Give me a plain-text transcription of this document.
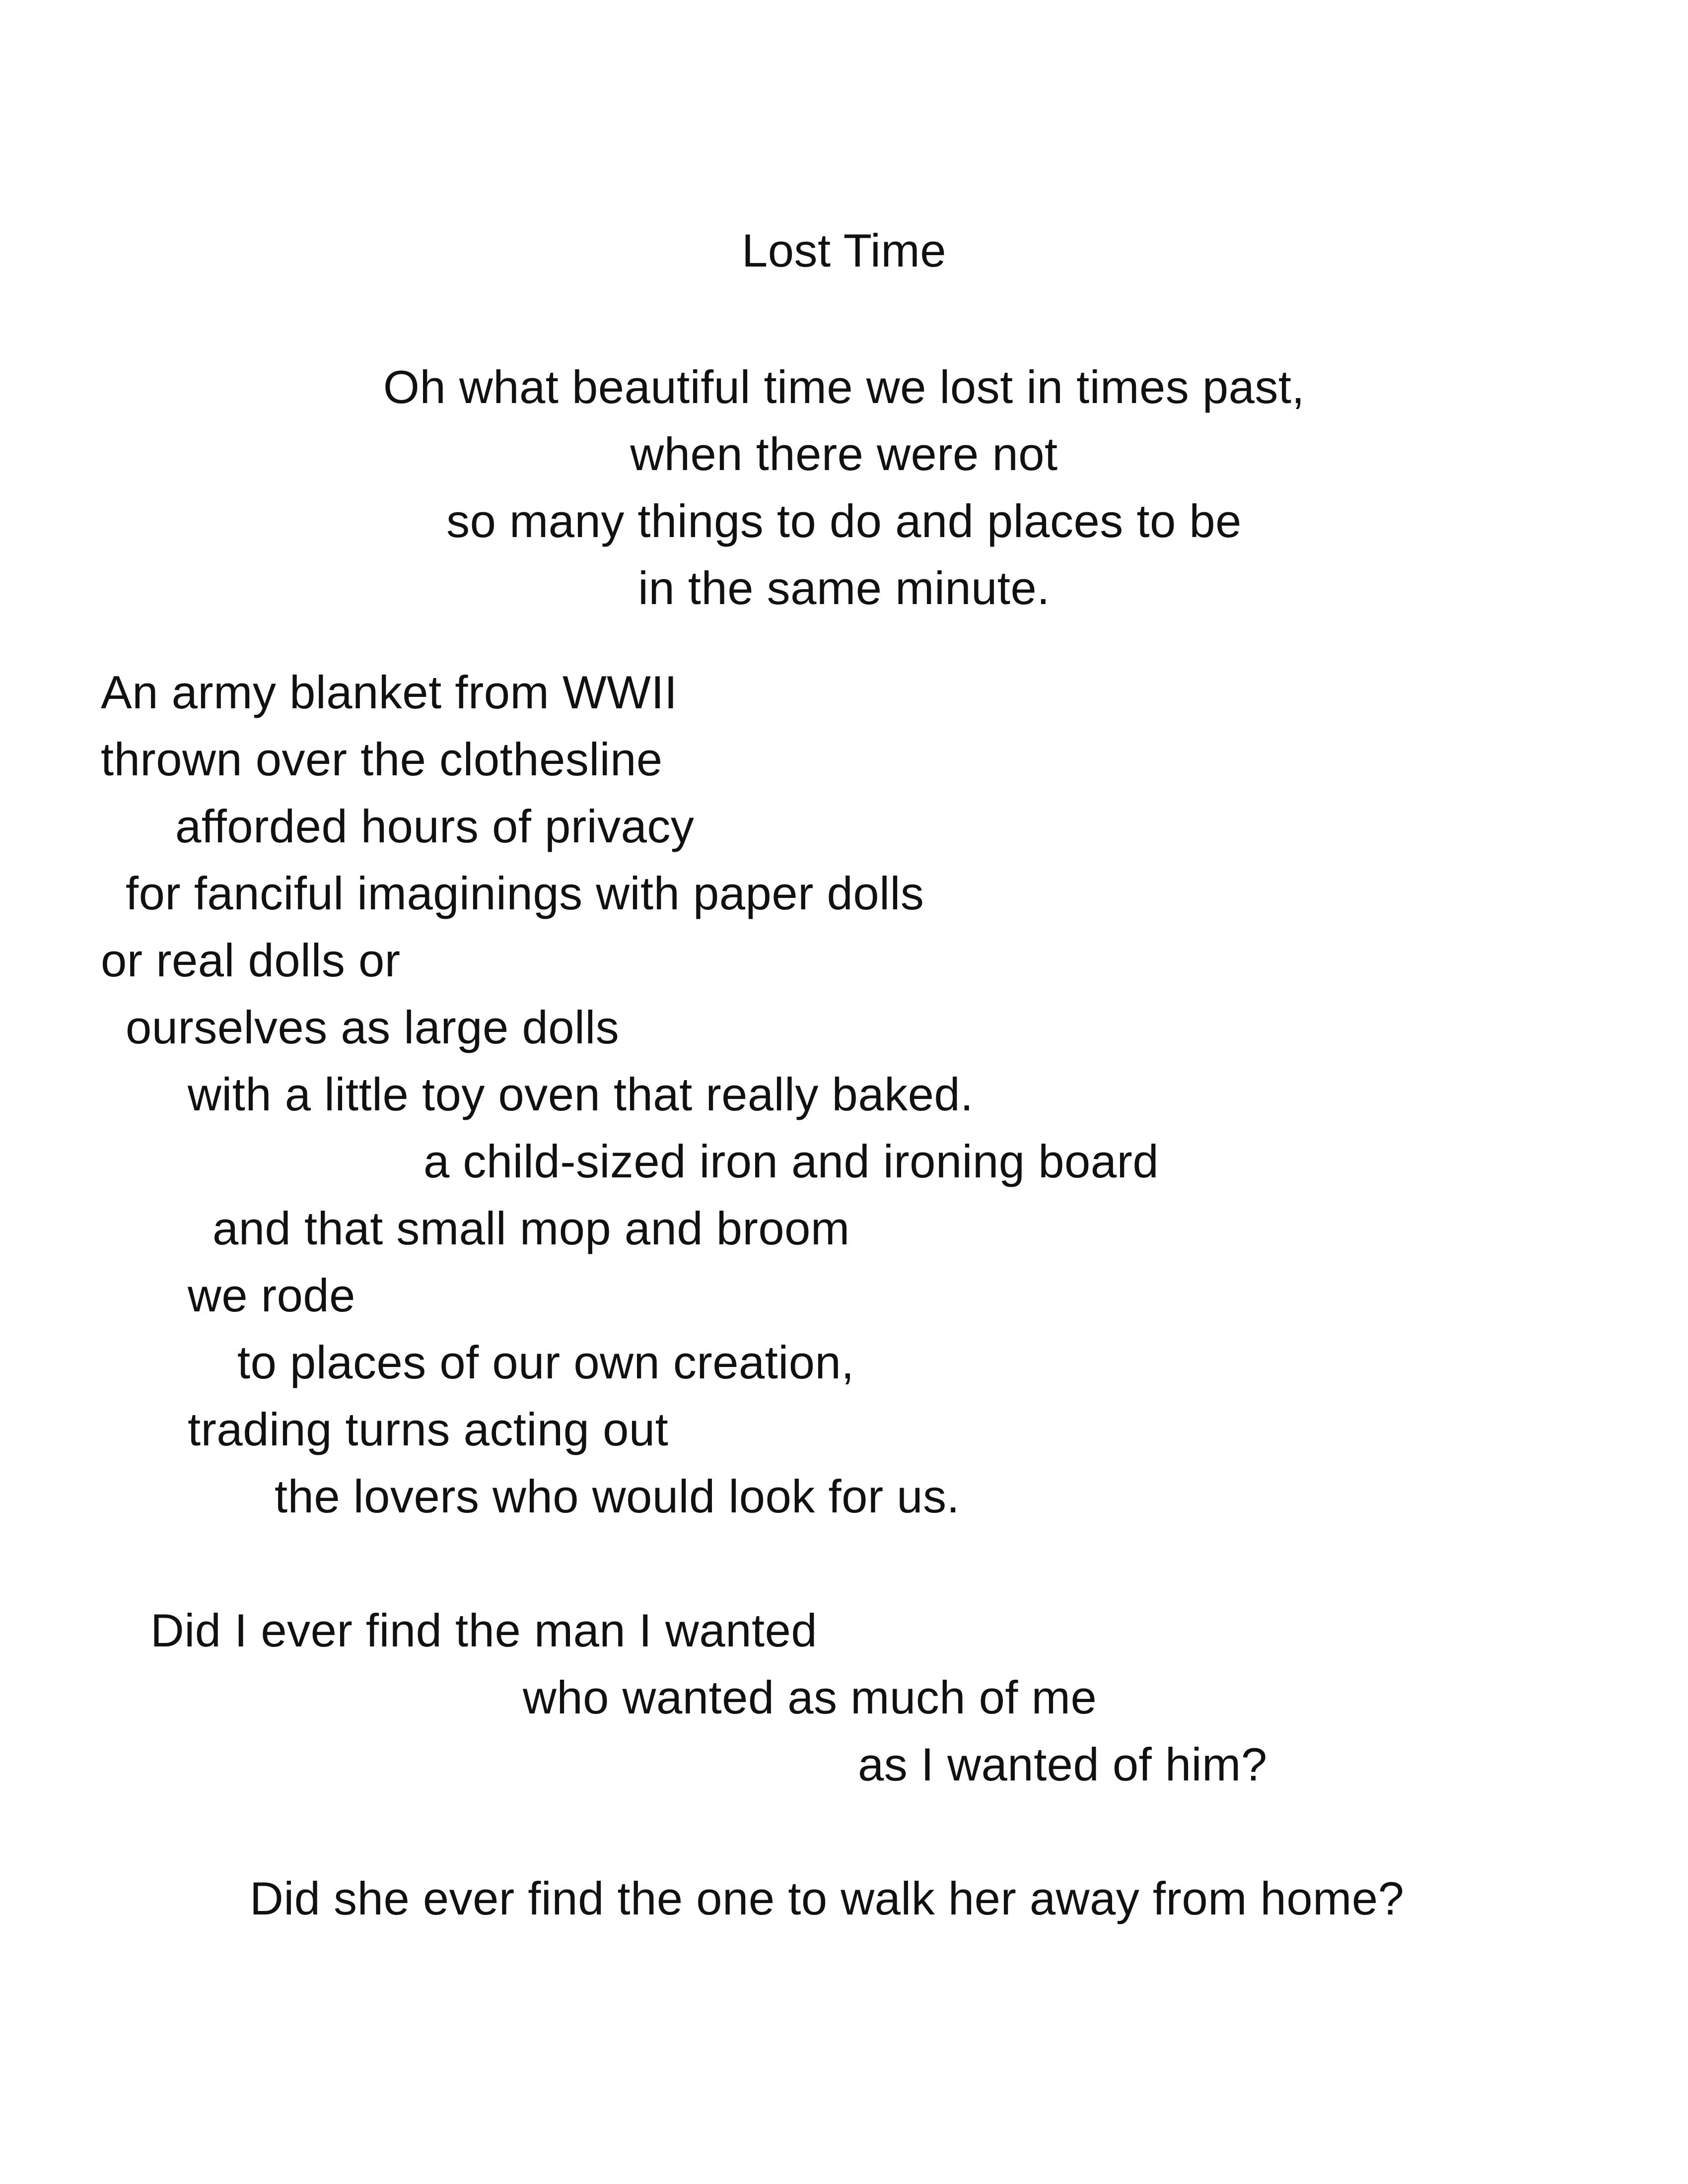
Lost Time
Oh what beautiful time we lost in times past,
when there were not
so many things to do and places to be
in the same minute.
An army blanket from WWII
thrown over the clothesline
afforded hours of privacy
for fanciful imaginings with paper dolls
or real dolls or
ourselves as large dolls
with a little toy oven that really baked.
a child-sized iron and ironing board
and that small mop and broom
we rode
to places of our own creation,
trading turns acting out
the lovers who would look for us.
Did I ever find the man I wanted
who wanted as much of me
as I wanted of him?
Did she ever find the one to walk her away from home?
